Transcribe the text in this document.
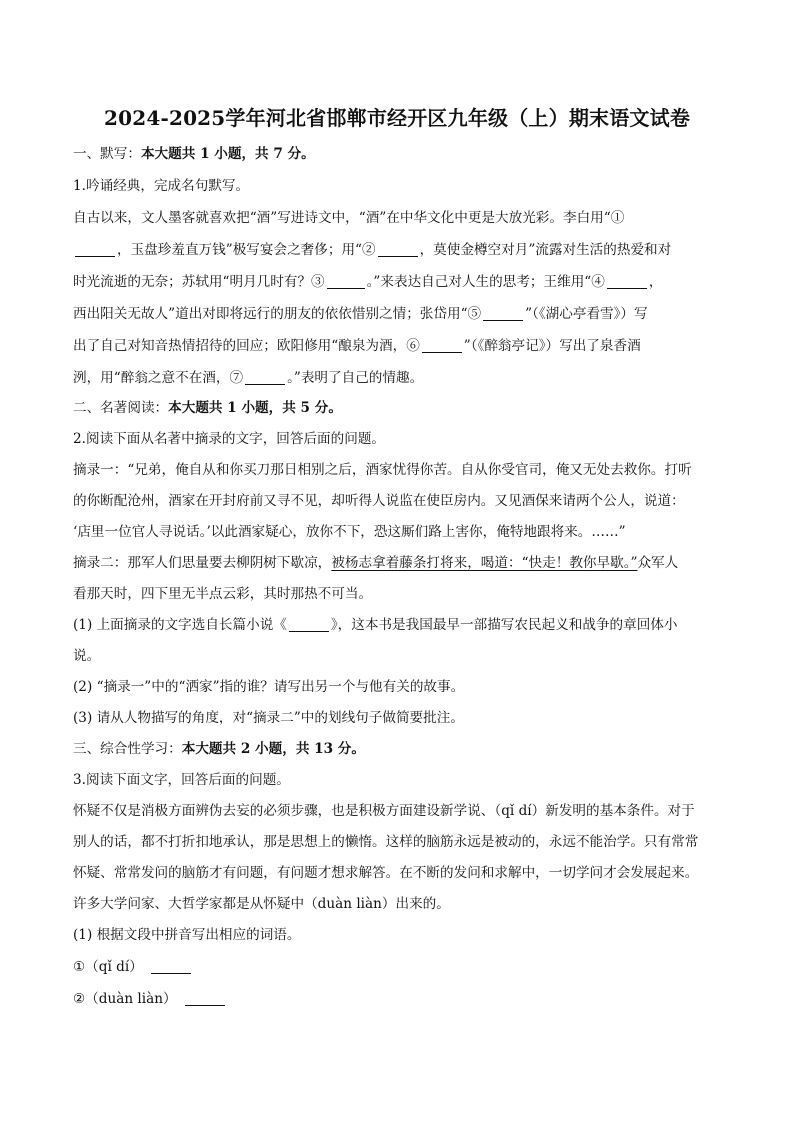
2024-2025学年河北省邯郸市经开区九年级（上）期末语文试卷
一、默写：本大题共 1 小题，共 7 分。
1.吟诵经典，完成名句默写。
自古以来，文人墨客就喜欢把“酒”写进诗文中，“酒”在中华文化中更是大放光彩。李白用“①
，玉盘珍羞直万钱”极写宴会之奢侈；用“②	，莫使金樽空对月”流露对生活的热爱和对
时光流逝的无奈；苏轼用“明月几时有？③	。”来表达自己对人生的思考；王维用“④	，
西出阳关无故人”道出对即将远行的朋友的依依惜别之情；张岱用“⑤	”（《湖心亭看雪》）写
出了自己对知音热情招待的回应；欧阳修用“酿泉为酒，⑥	”（《醉翁亭记》）写出了泉香酒
洌，用“醉翁之意不在酒，⑦	。”表明了自己的情趣。
二、名著阅读：本大题共 1 小题，共 5 分。
2.阅读下面从名著中摘录的文字，回答后面的问题。
摘录一：“兄弟，俺自从和你买刀那日相别之后，酒家忧得你苦。自从你受官司，俺又无处去救你。打听
的你断配沧州，酒家在开封府前又寻不见，却听得人说监在使臣房内。又见酒保来请两个公人，说道：
‘店里一位官人寻说话。’以此酒家疑心，放你不下，恐这厮们路上害你，俺特地跟将来。……”
摘录二：那军人们思量要去柳阴树下歇凉，被杨志拿着藤条打将来，喝道：“快走！教你早歇。”众军人
看那天时，四下里无半点云彩，其时那热不可当。
(1) 上面摘录的文字选自长篇小说《	》，这本书是我国最早一部描写农民起义和战争的章回体小
说。
(2) “摘录一”中的“洒家”指的谁？请写出另一个与他有关的故事。
(3) 请从人物描写的角度，对“摘录二”中的划线句子做简要批注。
三、综合性学习：本大题共 2 小题，共 13 分。
3.阅读下面文字，回答后面的问题。
怀疑不仅是消极方面辨伪去妄的必须步骤，也是积极方面建设新学说、（qǐ dí）新发明的基本条件。对于
别人的话，都不打折扣地承认，那是思想上的懒惰。这样的脑筋永远是被动的，永远不能治学。只有常常
怀疑、常常发问的脑筋才有问题，有问题才想求解答。在不断的发问和求解中，一切学问才会发展起来。
许多大学问家、大哲学家都是从怀疑中（duàn liàn）出来的。
(1) 根据文段中拼音写出相应的词语。
①（qǐ dí）
②（duàn liàn）
